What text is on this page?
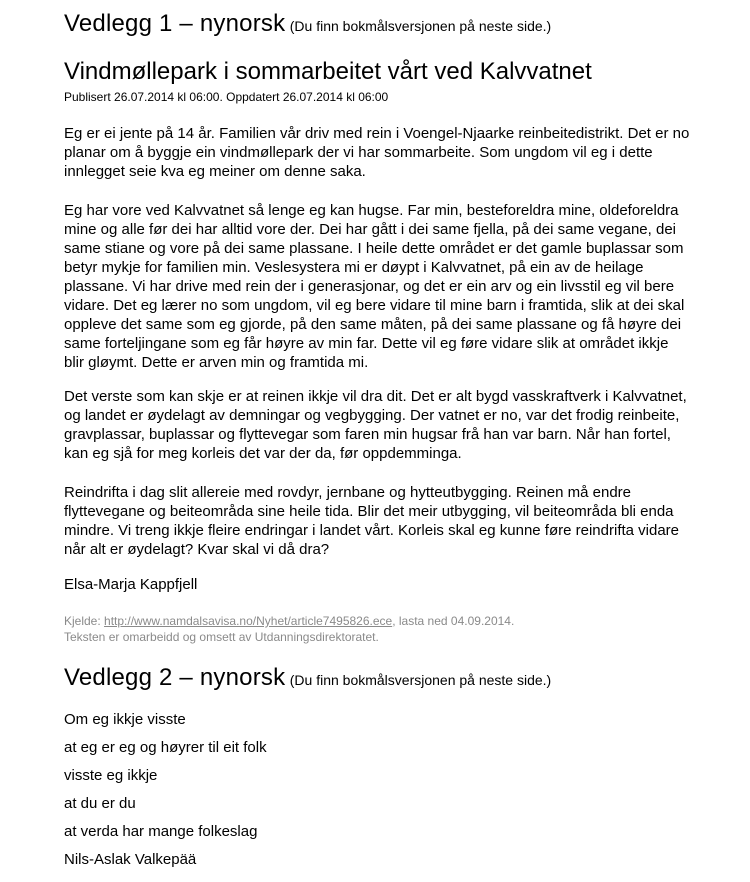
Vedlegg 1 – nynorsk (Du finn bokmålsversjonen på neste side.)
Vindmøllepark i sommarbeitet vårt ved Kalvvatnet
Publisert 26.07.2014 kl 06:00. Oppdatert 26.07.2014 kl 06:00
Eg er ei jente på 14 år. Familien vår driv med rein i Voengel-Njaarke reinbeitedistrikt. Det er no planar om å byggje ein vindmøllepark der vi har sommarbeite. Som ungdom vil eg i dette innlegget seie kva eg meiner om denne saka.
Eg har vore ved Kalvvatnet så lenge eg kan hugse. Far min, besteforeldra mine, oldeforeldra mine og alle før dei har alltid vore der. Dei har gått i dei same fjella, på dei same vegane, dei same stiane og vore på dei same plassane. I heile dette området er det gamle buplassar som betyr mykje for familien min. Veslesystera mi er døypt i Kalvvatnet, på ein av de heilage plassane. Vi har drive med rein der i generasjonar, og det er ein arv og ein livsstil eg vil bere vidare. Det eg lærer no som ungdom, vil eg bere vidare til mine barn i framtida, slik at dei skal oppleve det same som eg gjorde, på den same måten, på dei same plassane og få høyre dei same forteljingane som eg får høyre av min far. Dette vil eg føre vidare slik at området ikkje blir gløymt. Dette er arven min og framtida mi.
Det verste som kan skje er at reinen ikkje vil dra dit. Det er alt bygd vasskraftverk i Kalvvatnet, og landet er øydelagt av demningar og vegbygging. Der vatnet er no, var det frodig reinbeite, gravplassar, buplassar og flyttevegar som faren min hugsar frå han var barn. Når han fortel, kan eg sjå for meg korleis det var der da, før oppdemminga.
Reindrifta i dag slit allereie med rovdyr, jernbane og hytteutbygging. Reinen må endre flyttevegane og beiteområda sine heile tida. Blir det meir utbygging, vil beiteområda bli enda mindre. Vi treng ikkje fleire endringar i landet vårt. Korleis skal eg kunne føre reindrifta vidare når alt er øydelagt? Kvar skal vi då dra?
Elsa-Marja Kappfjell
Kjelde: http://www.namdalsavisa.no/Nyhet/article7495826.ece, lasta ned 04.09.2014.
Teksten er omarbeidd og omsett av Utdanningsdirektoratet.
Vedlegg 2 – nynorsk (Du finn bokmålsversjonen på neste side.)
Om eg ikkje visste
at eg er eg og høyrer til eit folk
visste eg ikkje
at du er du
at verda har mange folkeslag
Nils-Aslak Valkepää
